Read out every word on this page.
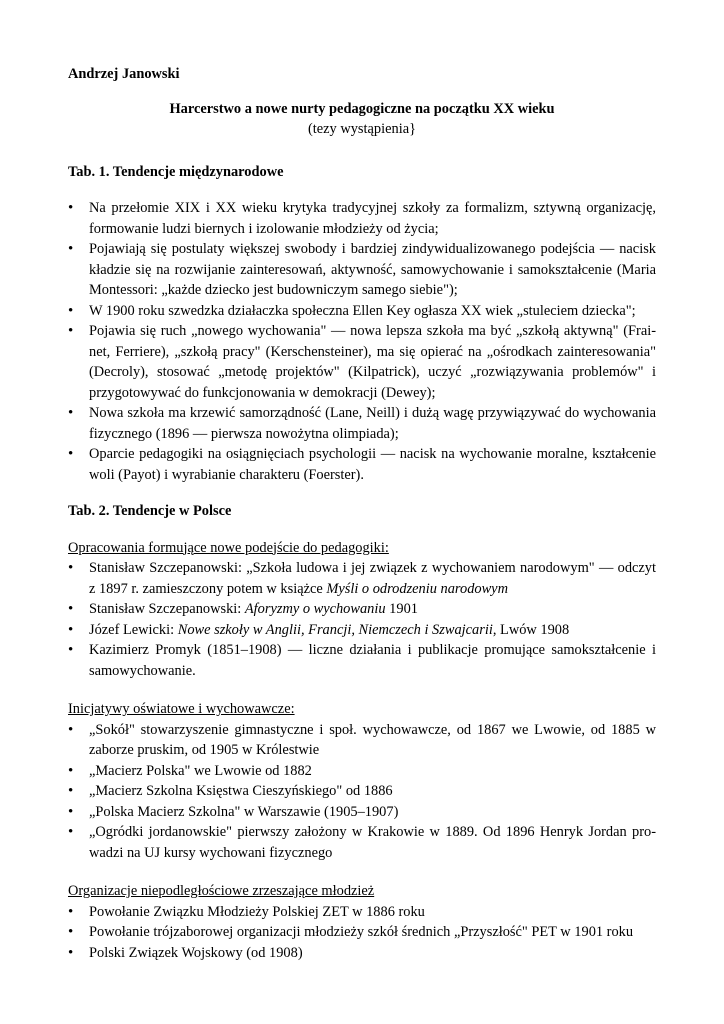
Andrzej Janowski
Harcerstwo a nowe nurty pedagogiczne na początku XX wieku
(tezy wystąpienia}
Tab. 1. Tendencje międzynarodowe
• Na przełomie XIX i XX wieku krytyka tradycyjnej szkoły za formalizm, sztywną organizację, formowanie ludzi biernych i izolowanie młodzieży od życia;
• Pojawiają się postulaty większej swobody i bardziej zindywidualizowanego podejścia — nacisk kładzie się na rozwijanie zainteresowań, aktywność, samowychowanie i samokształcenie (Maria Montessori: „każde dziecko jest budowniczym samego siebie");
• W 1900 roku szwedzka działaczka społeczna Ellen Key ogłasza XX wiek „stuleciem dziecka";
• Pojawia się ruch „nowego wychowania" — nowa lepsza szkoła ma być „szkołą aktywną" (Frainet, Ferriere), „szkołą pracy" (Kerschensteiner), ma się opierać na „ośrodkach zainteresowania" (Decroly), stosować „metodę projektów" (Kilpatrick), uczyć „rozwiązywania problemów" i przygotowywać do funkcjonowania w demokracji (Dewey);
• Nowa szkoła ma krzewić samorządność (Lane, Neill) i dużą wagę przywiązywać do wychowania fizycznego (1896 — pierwsza nowożytna olimpiada);
• Oparcie pedagogiki na osiągnięciach psychologii — nacisk na wychowanie moralne, kształcenie woli (Payot) i wyrabianie charakteru (Foerster).
Tab. 2. Tendencje w Polsce
Opracowania formujące nowe podejście do pedagogiki:
• Stanisław Szczepanowski: „Szkoła ludowa i jej związek z wychowaniem narodowym" — odczyt z 1897 r. zamieszczony potem w książce Myśli o odrodzeniu narodowym
• Stanisław Szczepanowski: Aforyzmy o wychowaniu 1901
• Józef Lewicki: Nowe szkoły w Anglii, Francji, Niemczech i Szwajcarii, Lwów 1908
• Kazimierz Promyk (1851–1908) — liczne działania i publikacje promujące samokształcenie i samowychowanie.
Inicjatywy oświatowe i wychowawcze:
• „Sokół" stowarzyszenie gimnastyczne i społ. wychowawcze, od 1867 we Lwowie, od 1885 w zaborze pruskim, od 1905 w Królestwie
• „Macierz Polska" we Lwowie od 1882
• „Macierz Szkolna Księstwa Cieszyńskiego" od 1886
• „Polska Macierz Szkolna" w Warszawie (1905–1907)
• „Ogródki jordanowskie" pierwszy założony w Krakowie w 1889. Od 1896 Henryk Jordan prowadzi na UJ kursy wychowani fizycznego
Organizacje niepodległościowe zrzeszające młodzież
• Powołanie Związku Młodzieży Polskiej ZET w 1886 roku
• Powołanie trójzaborowej organizacji młodzieży szkół średnich „Przyszłość" PET w 1901 roku
• Polski Związek Wojskowy (od 1908)
